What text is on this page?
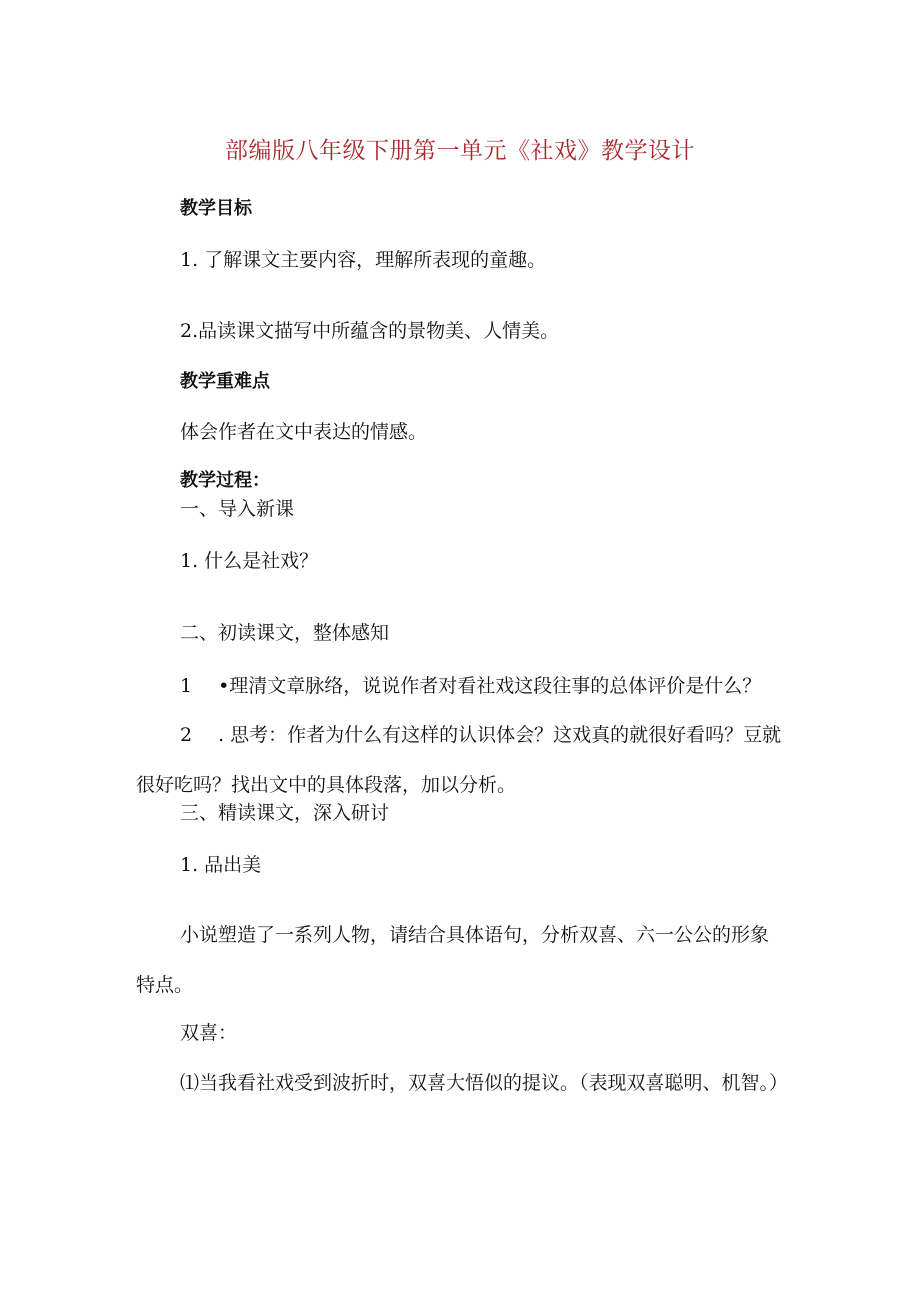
部编版八年级下册第一单元《社戏》教学设计
教学目标
1. 了解课文主要内容，理解所表现的童趣。
2.品读课文描写中所蕴含的景物美、人情美。
教学重难点
体会作者在文中表达的情感。
教学过程：
一、导入新课
1. 什么是社戏？
二、初读课文，整体感知
1 •理清文章脉络，说说作者对看社戏这段往事的总体评价是什么？
2 . 思考：作者为什么有这样的认识体会？这戏真的就很好看吗？豆就很好吃吗？找出文中的具体段落，加以分析。
三、精读课文，深入研讨
1. 品出美
小说塑造了一系列人物，请结合具体语句，分析双喜、六一公公的形象特点。
双喜：
⑴当我看社戏受到波折时，双喜大悟似的提议。（表现双喜聪明、机智。）
